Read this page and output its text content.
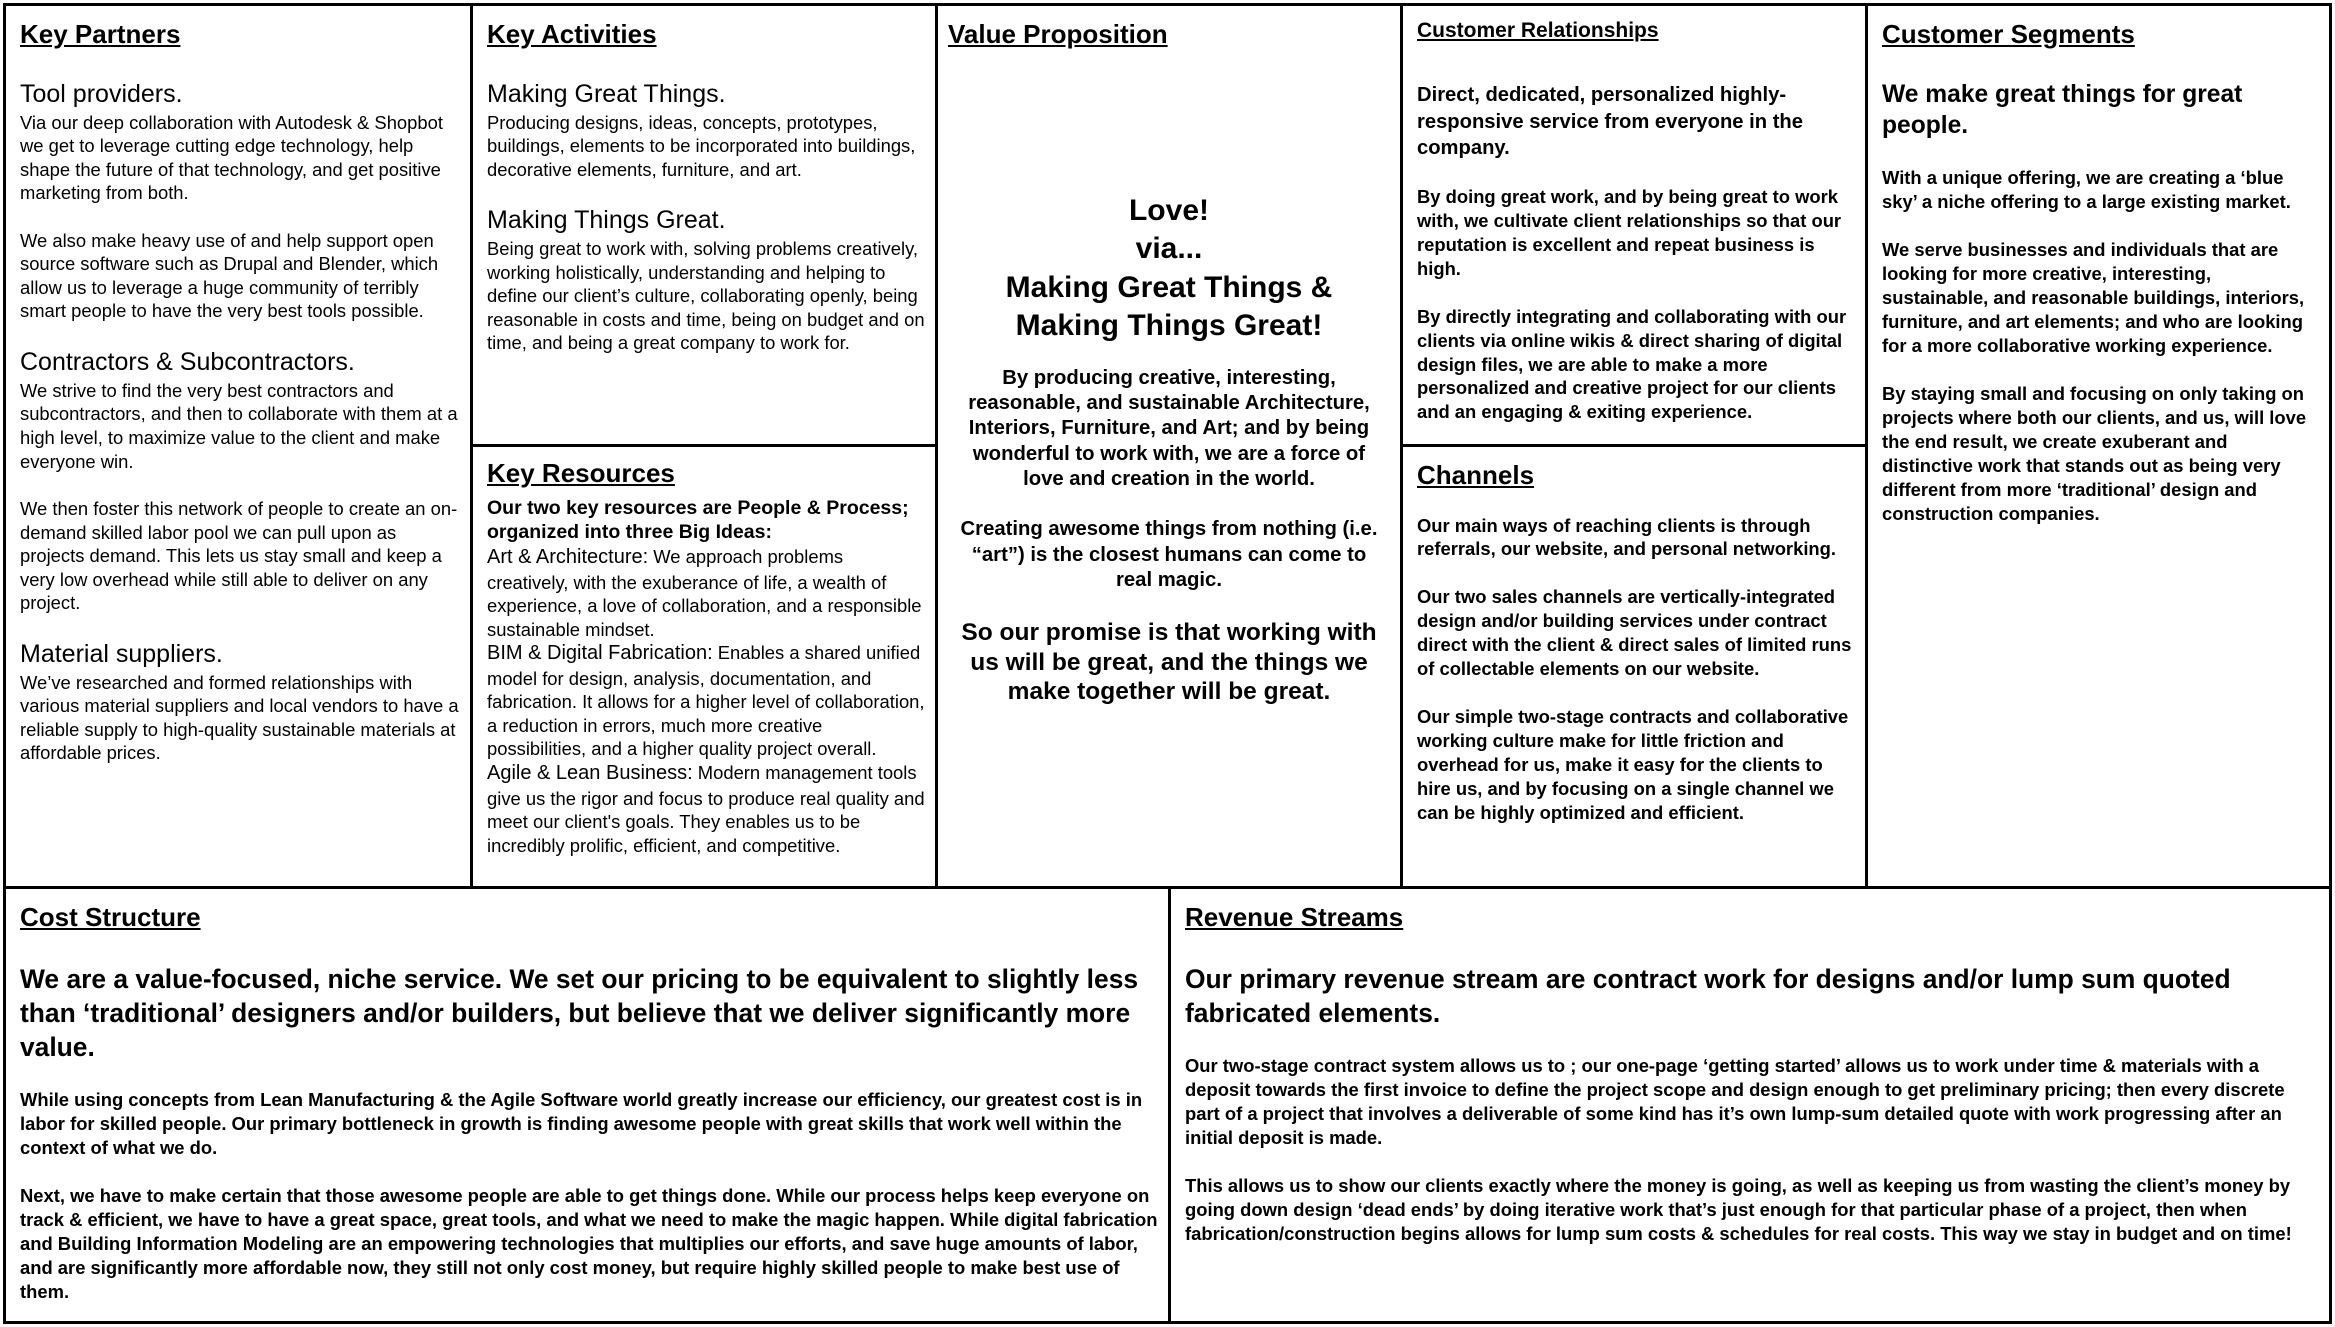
Key Partners
Tool providers.

Via our deep collaboration with Autodesk & Shopbot we get to leverage cutting edge technology, help shape the future of that technology, and get positive marketing from both.

We also make heavy use of and help support open source software such as Drupal and Blender, which allow us to leverage a huge community of terribly smart people to have the very best tools possible.

Contractors & Subcontractors.

We strive to find the very best contractors and subcontractors, and then to collaborate with them at a high level, to maximize value to the client and make everyone win.

We then foster this network of people to create an on-demand skilled labor pool we can pull upon as projects demand. This lets us stay small and keep a very low overhead while still able to deliver on any project.

Material suppliers.

We’ve researched and formed relationships with various material suppliers and local vendors to have a reliable supply to high-quality sustainable materials at affordable prices.

Key Activities
Making Great Things.

Producing designs, ideas, concepts, prototypes, buildings, elements to be incorporated into buildings, decorative elements, furniture, and art.

Making Things Great.

Being great to work with, solving problems creatively, working holistically, understanding and helping to define our client’s culture, collaborating openly, being reasonable in costs and time, being on budget and on time, and being a great company to work for.

Key Resources

Our two key resources are People & Process; organized into three Big Ideas:

Art & Architecture: We approach problems creatively, with the exuberance of life, a wealth of experience, a love of collaboration, and a responsible sustainable mindset.

BIM & Digital Fabrication: Enables a shared unified model for design, analysis, documentation, and fabrication. It allows for a higher level of collaboration, a reduction in errors, much more creative possibilities, and a higher quality project overall.

Agile & Lean Business: Modern management tools give us the rigor and focus to produce real quality and meet our client's goals. They enables us to be incredibly prolific, efficient, and competitive.

Value Proposition

Love!

via...

Making Great Things &

Making Things Great!

By producing creative, interesting, reasonable, and sustainable Architecture, Interiors, Furniture, and Art; and by being wonderful to work with, we are a force of love and creation in the world.

Creating awesome things from nothing (i.e. “art”) is the closest humans can come to real magic.

So our promise is that working with us will be great, and the things we make together will be great.

Customer Relationships

Direct, dedicated, personalized highly-responsive service from everyone in the company.

By doing great work, and by being great to work with, we cultivate client relationships so that our reputation is excellent and repeat business is high.

By directly integrating and collaborating with our clients via online wikis & direct sharing of digital design files, we are able to make a more personalized and creative project for our clients and an engaging & exiting experience.

Channels

Our main ways of reaching clients is through referrals, our website, and personal networking.

Our two sales channels are vertically-integrated design and/or building services under contract direct with the client & direct sales of limited runs of collectable elements on our website.

Our simple two-stage contracts and collaborative working culture make for little friction and overhead for us, make it easy for the clients to hire us, and by focusing on a single channel we can be highly optimized and efficient.

Customer Segments

We make great things for great people.

With a unique offering, we are creating a ‘blue sky’ a niche offering to a large existing market.

We serve businesses and individuals that are looking for more creative, interesting, sustainable, and reasonable buildings, interiors, furniture, and art elements; and who are looking for a more collaborative working experience.

By staying small and focusing on only taking on projects where both our clients, and us, will love the end result, we create exuberant and distinctive work that stands out as being very different from more ‘traditional’ design and construction companies.

Cost Structure

We are a value-focused, niche service. We set our pricing to be equivalent to slightly less than ‘traditional’ designers and/or builders, but believe that we deliver significantly more value.

While using concepts from Lean Manufacturing & the Agile Software world greatly increase our efficiency, our greatest cost is in labor for skilled people. Our primary bottleneck in growth is finding awesome people with great skills that work well within the context of what we do.

Next, we have to make certain that those awesome people are able to get things done. While our process helps keep everyone on track & efficient, we have to have a great space, great tools, and what we need to make the magic happen. While digital fabrication and Building Information Modeling are an empowering technologies that multiplies our efforts, and save huge amounts of labor, and are significantly more affordable now, they still not only cost money, but require highly skilled people to make best use of them.

Revenue Streams

Our primary revenue stream are contract work for designs and/or lump sum quoted fabricated elements.

Our two-stage contract system allows us to ; our one-page ‘getting started’ allows us to work under time & materials with a deposit towards the first invoice to define the project scope and design enough to get preliminary pricing; then every discrete part of a project that involves a deliverable of some kind has it’s own lump-sum detailed quote with work progressing after an initial deposit is made.

This allows us to show our clients exactly where the money is going, as well as keeping us from wasting the client’s money by going down design ‘dead ends’ by doing iterative work that’s just enough for that particular phase of a project, then when fabrication/construction begins allows for lump sum costs & schedules for real costs. This way we stay in budget and on time!
